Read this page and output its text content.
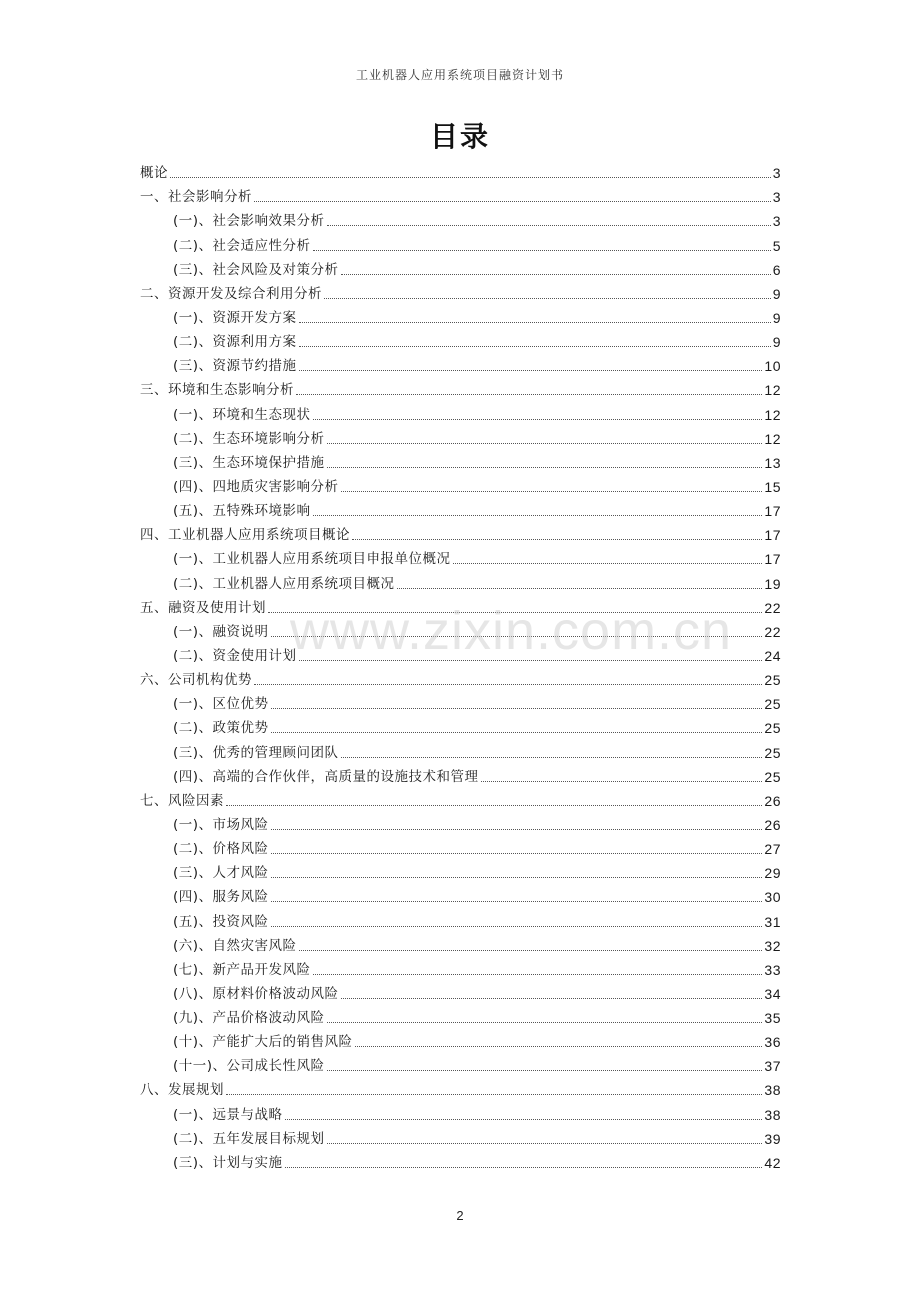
工业机器人应用系统项目融资计划书
目录
概论	3
一、社会影响分析	3
(一)、社会影响效果分析	3
(二)、社会适应性分析	5
(三)、社会风险及对策分析	6
二、资源开发及综合利用分析	9
(一)、资源开发方案	9
(二)、资源利用方案	9
(三)、资源节约措施	10
三、环境和生态影响分析	12
(一)、环境和生态现状	12
(二)、生态环境影响分析	12
(三)、生态环境保护措施	13
(四)、四地质灾害影响分析	15
(五)、五特殊环境影响	17
四、工业机器人应用系统项目概论	17
(一)、工业机器人应用系统项目申报单位概况	17
(二)、工业机器人应用系统项目概况	19
五、融资及使用计划	22
(一)、融资说明	22
(二)、资金使用计划	24
六、公司机构优势	25
(一)、区位优势	25
(二)、政策优势	25
(三)、优秀的管理顾问团队	25
(四)、高端的合作伙伴，高质量的设施技术和管理	25
七、风险因素	26
(一)、市场风险	26
(二)、价格风险	27
(三)、人才风险	29
(四)、服务风险	30
(五)、投资风险	31
(六)、自然灾害风险	32
(七)、新产品开发风险	33
(八)、原材料价格波动风险	34
(九)、产品价格波动风险	35
(十)、产能扩大后的销售风险	36
(十一)、公司成长性风险	37
八、发展规划	38
(一)、远景与战略	38
(二)、五年发展目标规划	39
(三)、计划与实施	42
www.zixin.com.cn
2
